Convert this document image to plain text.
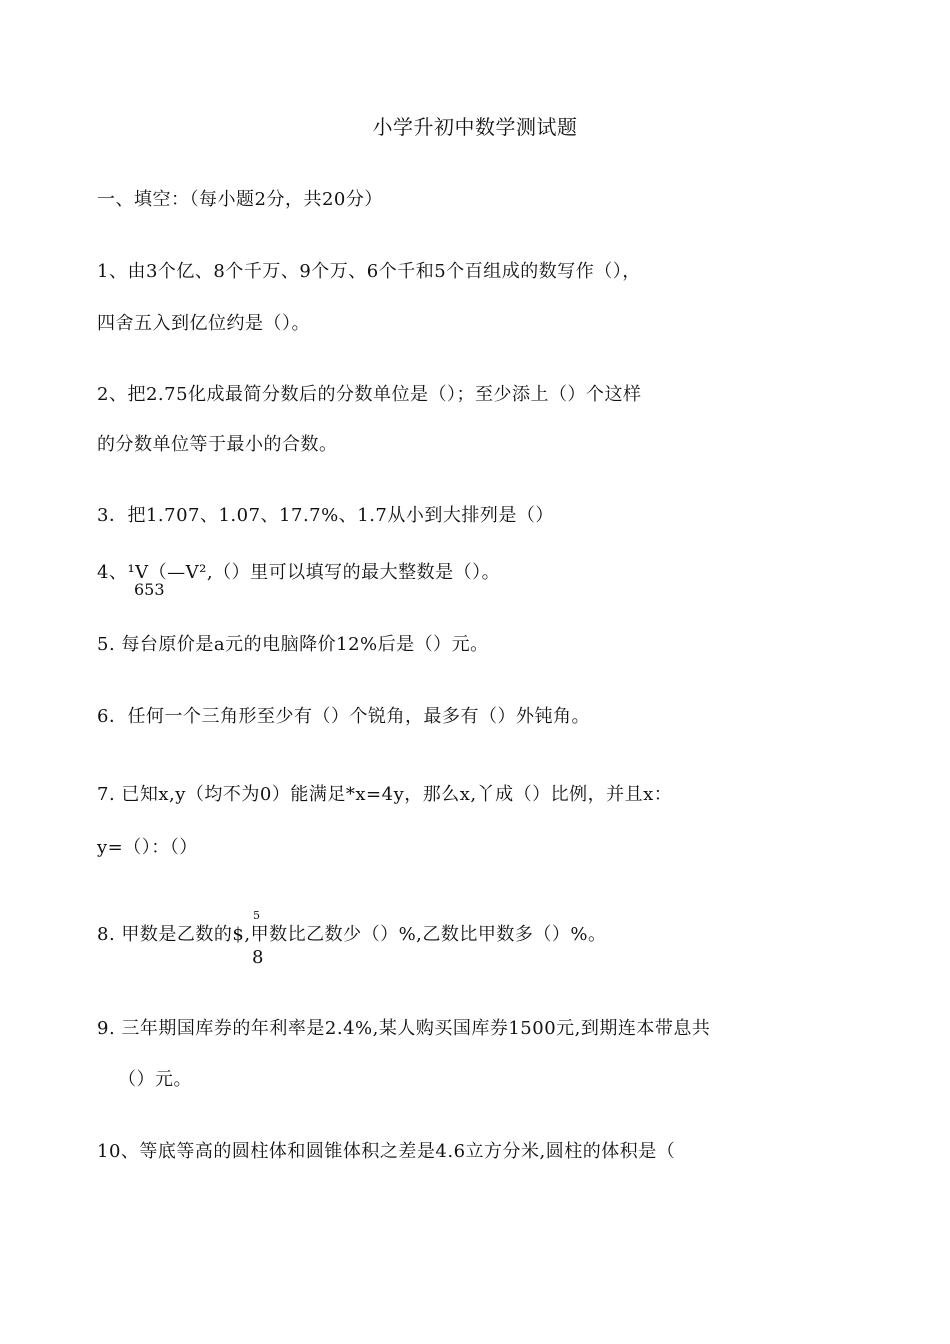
小学升初中数学测试题
一、填空：（每小题2分，共20分）
1、由3个亿、8个千万、9个万、6个千和5个百组成的数写作（），
四舍五入到亿位约是（）。
2、把2.75化成最简分数后的分数单位是（）；至少添上（）个这样
的分数单位等于最小的合数。
3．把1.707、1.07、17.7%、1.7从小到大排列是（）
4、¹V（—V²,（）里可以填写的最大整数是（）。
653
5. 每台原价是a元的电脑降价12%后是（）元。
6．任何一个三角形至少有（）个锐角，最多有（）外钝角。
7. 已知x,y（均不为0）能满足*x=4y，那么x,丫成（）比例，并且x：
y=（）：（）
5
8. 甲数是乙数的$,甲数比乙数少（）%,乙数比甲数多（）%。
8
9. 三年期国库券的年利率是2.4%,某人购买国库券1500元,到期连本带息共
（）元。
10、等底等高的圆柱体和圆锥体积之差是4.6立方分米,圆柱的体积是（
